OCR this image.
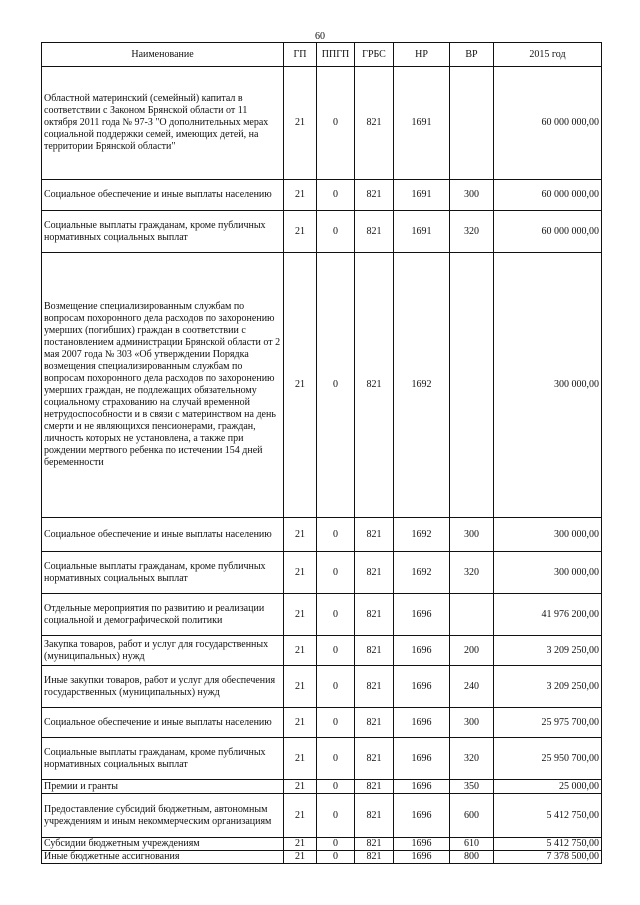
60
Наименование	ГП	ППГП	ГРБС	НР	ВР	2015 год
Областной материнский (семейный) капитал в соответствии с Законом Брянской области от 11 октября 2011 года № 97-З "О дополнительных мерах социальной поддержки семей, имеющих детей, на территории Брянской области"	21	0	821	1691		60 000 000,00
Социальное обеспечение и иные выплаты населению	21	0	821	1691	300	60 000 000,00
Социальные выплаты гражданам, кроме публичных нормативных социальных выплат	21	0	821	1691	320	60 000 000,00
Возмещение специализированным службам по вопросам похоронного дела расходов по захоронению умерших (погибших) граждан в соответствии с постановлением администрации Брянской области от 2 мая 2007 года № 303 «Об утверждении Порядка возмещения специализированным службам по вопросам похоронного дела расходов по захоронению умерших граждан, не подлежащих обязательному социальному страхованию на случай временной нетрудоспособности и в связи с материнством на день смерти и не являющихся пенсионерами, граждан, личность которых не установлена, а также при рождении мертвого ребенка по истечении 154 дней беременности	21	0	821	1692		300 000,00
Социальное обеспечение и иные выплаты населению	21	0	821	1692	300	300 000,00
Социальные выплаты гражданам, кроме публичных нормативных социальных выплат	21	0	821	1692	320	300 000,00
Отдельные мероприятия по развитию и реализации социальной и демографической политики	21	0	821	1696		41 976 200,00
Закупка товаров, работ и услуг для государственных (муниципальных) нужд	21	0	821	1696	200	3 209 250,00
Иные закупки товаров, работ и услуг для обеспечения государственных (муниципальных) нужд	21	0	821	1696	240	3 209 250,00
Социальное обеспечение и иные выплаты населению	21	0	821	1696	300	25 975 700,00
Социальные выплаты гражданам, кроме публичных нормативных социальных выплат	21	0	821	1696	320	25 950 700,00
Премии и гранты	21	0	821	1696	350	25 000,00
Предоставление субсидий бюджетным, автономным учреждениям и иным некоммерческим организациям	21	0	821	1696	600	5 412 750,00
Субсидии бюджетным учреждениям	21	0	821	1696	610	5 412 750,00
Иные бюджетные ассигнования	21	0	821	1696	800	7 378 500,00
